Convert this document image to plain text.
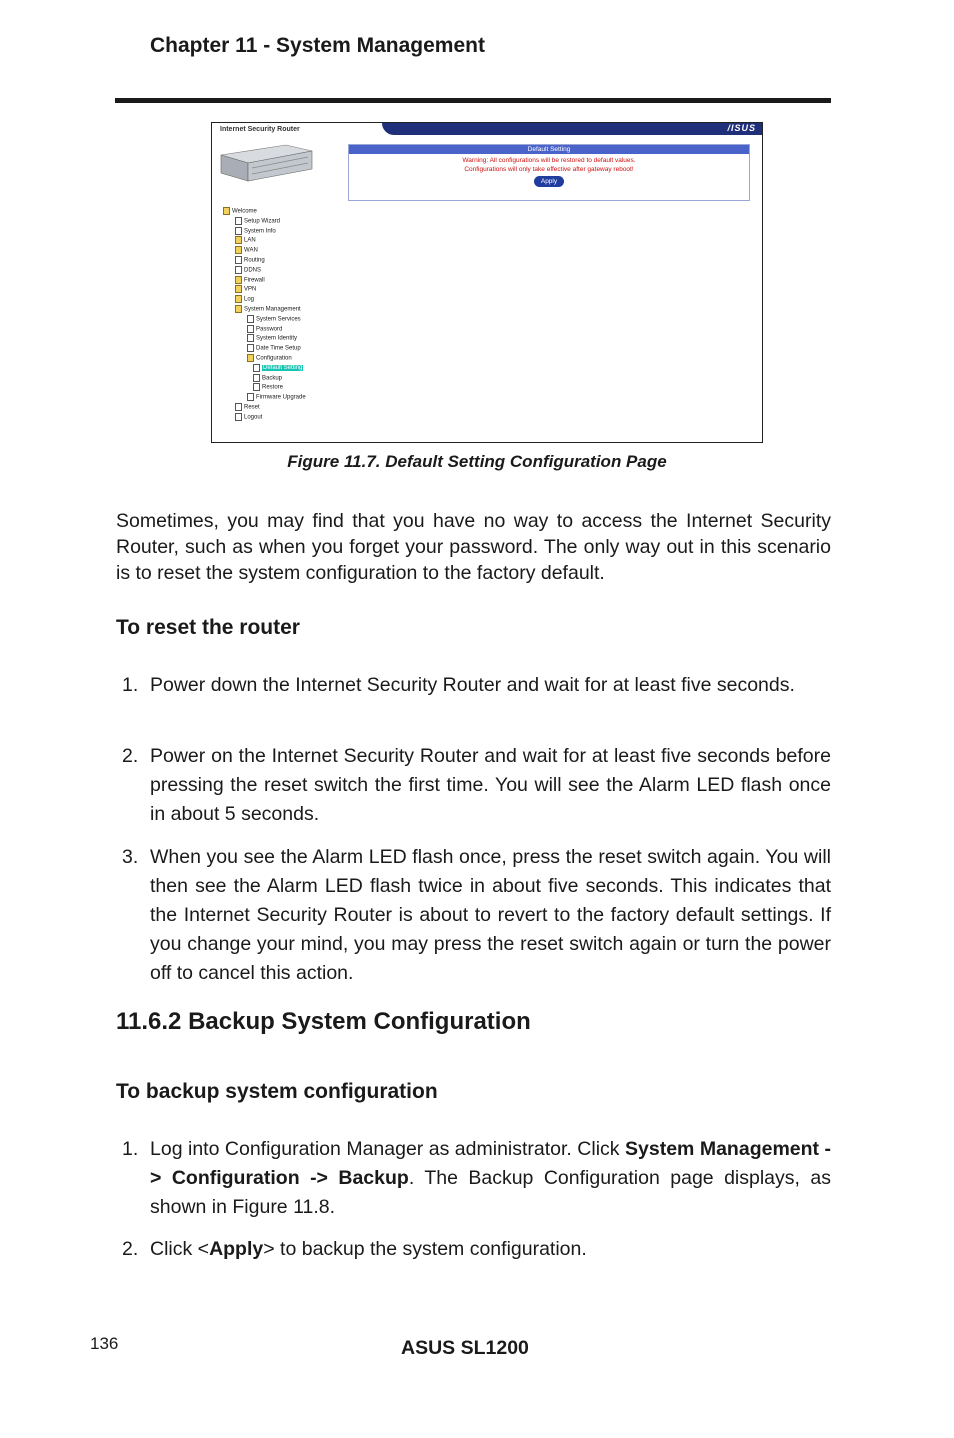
Chapter 11 - System Management
Internet Security Router	/ISUS
Default Setting
Warning: All configurations will be restored to default values.
Configurations will only take effective after gateway reboot!
Apply
Welcome
Setup Wizard
System Info
LAN
WAN
Routing
DDNS
Firewall
VPN
Log
System Management
System Services
Password
System Identity
Date Time Setup
Configuration
Default Setting
Backup
Restore
Firmware Upgrade
Reset
Logout
Figure 11.7. Default Setting Configuration Page
Sometimes, you may find that you have no way to access the Internet Security Router, such as when you forget your password. The only way out in this scenario is to reset the system configuration to the factory default.
To reset the router
1. Power down the Internet Security Router and wait for at least five seconds.
2. Power on the Internet Security Router and wait for at least five seconds before pressing the reset switch the first time. You will see the Alarm LED flash once in about 5 seconds.
3. When you see the Alarm LED flash once, press the reset switch again. You will then see the Alarm LED flash twice in about five seconds. This indicates that the Internet Security Router is about to revert to the factory default settings. If you change your mind, you may press the reset switch again or turn the power off to cancel this action.
11.6.2 Backup System Configuration
To backup system configuration
1. Log into Configuration Manager as administrator. Click System Management -> Configuration -> Backup. The Backup Configuration page displays, as shown in Figure 11.8.
2. Click <Apply> to backup the system configuration.
136	ASUS SL1200
